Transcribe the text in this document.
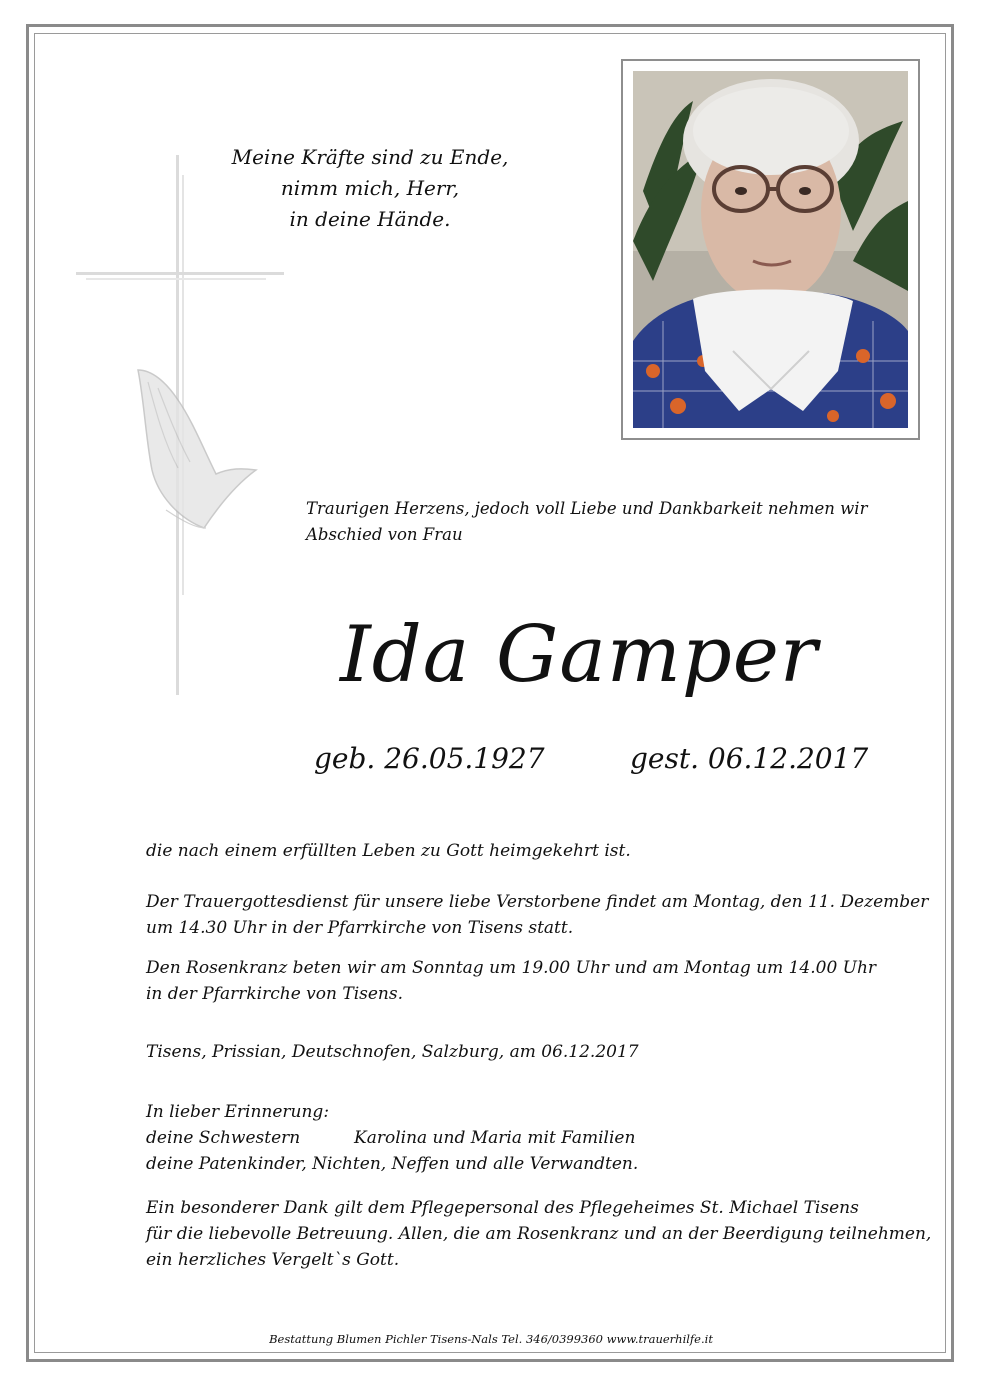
Meine Kräfte sind zu Ende,
nimm mich, Herr,
in deine Hände.
Traurigen Herzens, jedoch voll Liebe und Dankbarkeit nehmen wir
Abschied von Frau
Ida Gamper
geb. 26.05.1927	gest. 06.12.2017
die nach einem erfüllten Leben zu Gott heimgekehrt ist.
Der Trauergottesdienst für unsere liebe Verstorbene findet am Montag, den 11. Dezember
um 14.30 Uhr in der Pfarrkirche von Tisens statt.
Den Rosenkranz beten wir am Sonntag um 19.00 Uhr und am Montag um 14.00 Uhr
in der Pfarrkirche von Tisens.
Tisens, Prissian, Deutschnofen, Salzburg, am 06.12.2017
In lieber Erinnerung:
deine Schwestern	Karolina und Maria mit Familien
deine Patenkinder, Nichten, Neffen und alle Verwandten.
Ein besonderer Dank gilt dem Pflegepersonal des Pflegeheimes St. Michael Tisens
für die liebevolle Betreuung. Allen, die am Rosenkranz und an der Beerdigung teilnehmen,
ein herzliches Vergelt`s Gott.
Bestattung Blumen Pichler Tisens-Nals Tel. 346/0399360 www.trauerhilfe.it
